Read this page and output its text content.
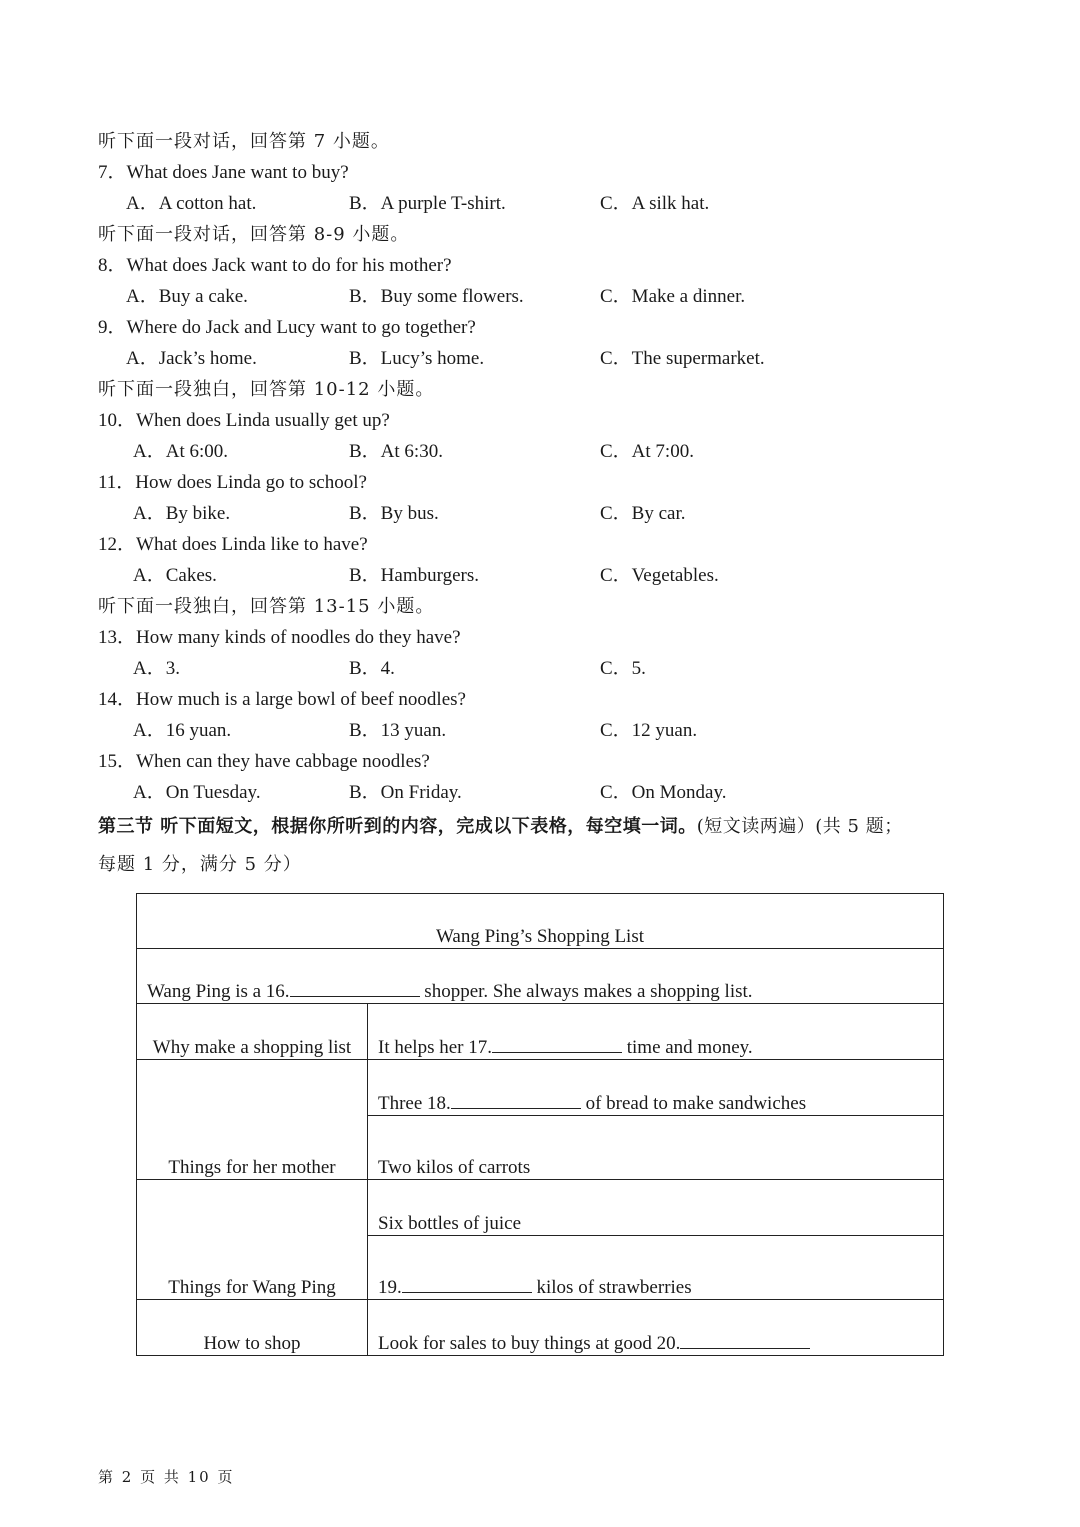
听下面一段对话，回答第 7 小题。
7．What does Jane want to buy?
A．A cotton hat.	B．A purple T-shirt.	C．A silk hat.
听下面一段对话，回答第 8-9 小题。
8．What does Jack want to do for his mother?
A．Buy a cake.	B．Buy some flowers.	C．Make a dinner.
9．Where do Jack and Lucy want to go together?
A．Jack’s home.	B．Lucy’s home.	C．The supermarket.
听下面一段独白，回答第 10-12 小题。
10．When does Linda usually get up?
A．At 6:00.	B．At 6:30.	C．At 7:00.
11．How does Linda go to school?
A．By bike.	B．By bus.	C．By car.
12．What does Linda like to have?
A．Cakes.	B．Hamburgers.	C．Vegetables.
听下面一段独白，回答第 13-15 小题。
13．How many kinds of noodles do they have?
A．3.	B．4.	C．5.
14．How much is a large bowl of beef noodles?
A．16 yuan.	B．13 yuan.	C．12 yuan.
15．When can they have cabbage noodles?
A．On Tuesday.	B．On Friday.	C．On Monday.
第三节 听下面短文，根据你所听到的内容，完成以下表格，每空填一词。(短文读两遍）(共 5 题；
每题 1 分，满分 5 分）
Wang Ping’s Shopping List	
Wang Ping is a 16. shopper. She always makes a shopping list.	
Why make a shopping list	It helps her 17. time and money.
Things for her mother	Three 18. of bread to make sandwiches
	Two kilos of carrots
Things for Wang Ping	Six bottles of juice
	19. kilos of strawberries
How to shop	Look for sales to buy things at good 20.
第 2 页 共 10 页
